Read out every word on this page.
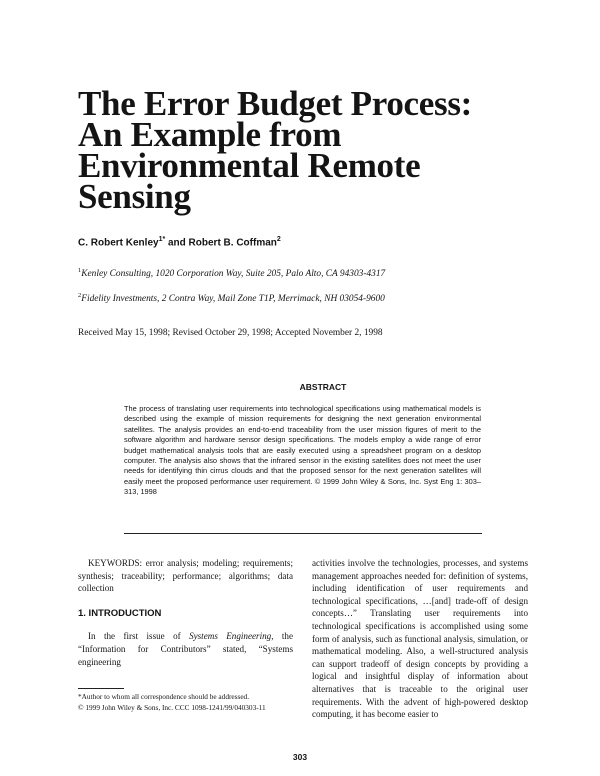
The Error Budget Process:
An Example from
Environmental Remote
Sensing
C. Robert Kenley$^{1*}$ and Robert B. Coffman$^2$
$^1$Kenley Consulting, 1020 Corporation Way, Suite 205, Palo Alto, CA 94303-4317
$^2$Fidelity Investments, 2 Contra Way, Mail Zone T1P, Merrimack, NH 03054-9600
Received May 15, 1998; Revised October 29, 1998; Accepted November 2, 1998
ABSTRACT
The process of translating user requirements into technological specifications using mathematical models is described using the example of mission requirements for designing the next generation environmental satellites. The analysis provides an end-to-end traceability from the user mission figures of merit to the software algorithm and hardware sensor design specifications. The models employ a wide range of error budget mathematical analysis tools that are easily executed using a spreadsheet program on a desktop computer. The analysis also shows that the infrared sensor in the existing satellites does not meet the user needs for identifying thin cirrus clouds and that the proposed sensor for the next generation satellites will easily meet the proposed performance user requirement. © 1999 John Wiley & Sons, Inc. Syst Eng 1: 303–313, 1998

KEYWORDS: error analysis; modeling; requirements; synthesis; traceability; performance; algorithms; data collection

1. INTRODUCTION

In the first issue of Systems Engineering, the “Information for Contributors” stated, “Systems engineering

activities involve the technologies, processes, and systems management approaches needed for: definition of systems, including identification of user requirements and technological specifications, …[and] trade-off of design concepts…” Translating user requirements into technological specifications is accomplished using some form of analysis, such as functional analysis, simulation, or mathematical modeling. Also, a well-structured analysis can support tradeoff of design concepts by providing a logical and insightful display of information about alternatives that is traceable to the original user requirements. With the advent of high-powered desktop computing, it has become easier to

*Author to whom all correspondence should be addressed.
© 1999 John Wiley & Sons, Inc. CCC 1098-1241/99/040303-11
303
